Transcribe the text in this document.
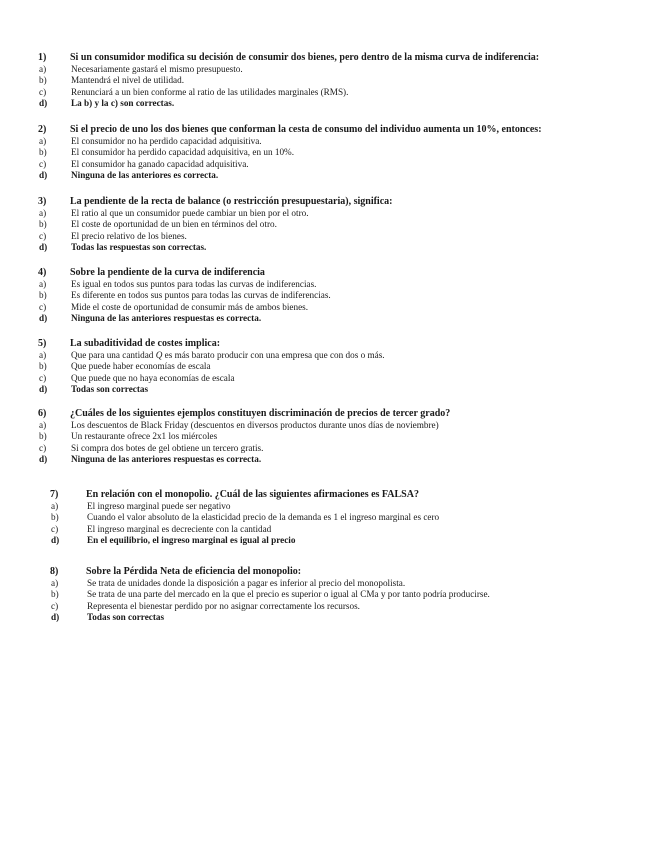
1)	Si un consumidor modifica su decisión de consumir dos bienes, pero dentro de la misma curva de indiferencia:
a)	Necesariamente gastará el mismo presupuesto.
b)	Mantendrá el nivel de utilidad.
c)	Renunciará a un bien conforme al ratio de las utilidades marginales (RMS).
d)	La b) y la c) son correctas.
2)	Si el precio de uno los dos bienes que conforman la cesta de consumo del individuo aumenta un 10%, entonces:
a)	El consumidor no ha perdido capacidad adquisitiva.
b)	El consumidor ha perdido capacidad adquisitiva, en un 10%.
c)	El consumidor ha ganado capacidad adquisitiva.
d)	Ninguna de las anteriores es correcta.
3)	La pendiente de la recta de balance (o restricción presupuestaria), significa:
a)	El ratio al que un consumidor puede cambiar un bien por el otro.
b)	El coste de oportunidad de un bien en términos del otro.
c)	El precio relativo de los bienes.
d)	Todas las respuestas son correctas.
4)	Sobre la pendiente de la curva de indiferencia
a)	Es igual en todos sus puntos para todas las curvas de indiferencias.
b)	Es diferente en todos sus puntos para todas las curvas de indiferencias.
c)	Mide el coste de oportunidad de consumir más de ambos bienes.
d)	Ninguna de las anteriores respuestas es correcta.
5)	La subaditividad de costes implica:
a)	Que para una cantidad Q es más barato producir con una empresa que con dos o más.
b)	Que puede haber economías de escala
c)	Que puede que no haya economías de escala
d)	Todas son correctas
6)	¿Cuáles de los siguientes ejemplos constituyen discriminación de precios de tercer grado?
a)	Los descuentos de Black Friday (descuentos en diversos productos durante unos días de noviembre)
b)	Un restaurante ofrece 2x1 los miércoles
c)	Si compra dos botes de gel obtiene un tercero gratis.
d)	Ninguna de las anteriores respuestas es correcta.
7)	En relación con el monopolio. ¿Cuál de las siguientes afirmaciones es FALSA?
a)	El ingreso marginal puede ser negativo
b)	Cuando el valor absoluto de la elasticidad precio de la demanda es 1 el ingreso marginal es cero
c)	El ingreso marginal es decreciente con la cantidad
d)	En el equilibrio, el ingreso marginal es igual al precio
8)	Sobre la Pérdida Neta de eficiencia del monopolio:
a)	Se trata de unidades donde la disposición a pagar es inferior al precio del monopolista.
b)	Se trata de una parte del mercado en la que el precio es superior o igual al CMa y por tanto podría producirse.
c)	Representa el bienestar perdido por no asignar correctamente los recursos.
d)	Todas son correctas
